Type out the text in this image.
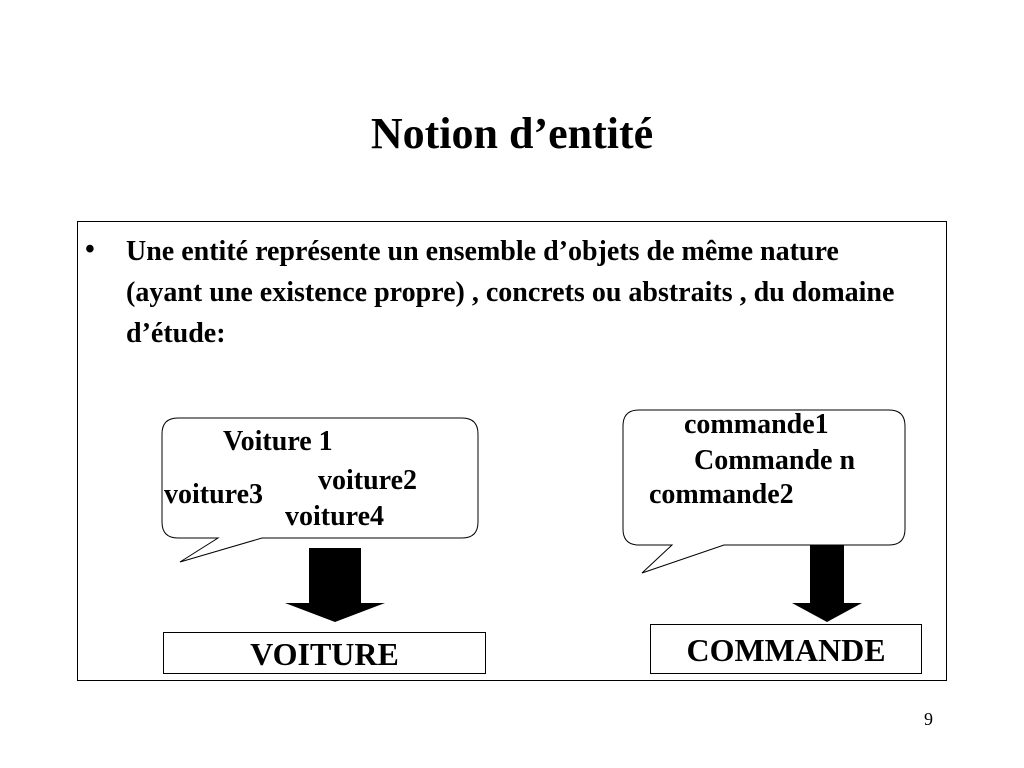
Notion d’entité
• Une entité représente un ensemble d’objets de même nature (ayant une existence propre) , concrets ou abstraits , du domaine d’étude:
Voiture 1
voiture2
voiture3
voiture4
commande1
Commande n
commande2
VOITURE	COMMANDE
9
